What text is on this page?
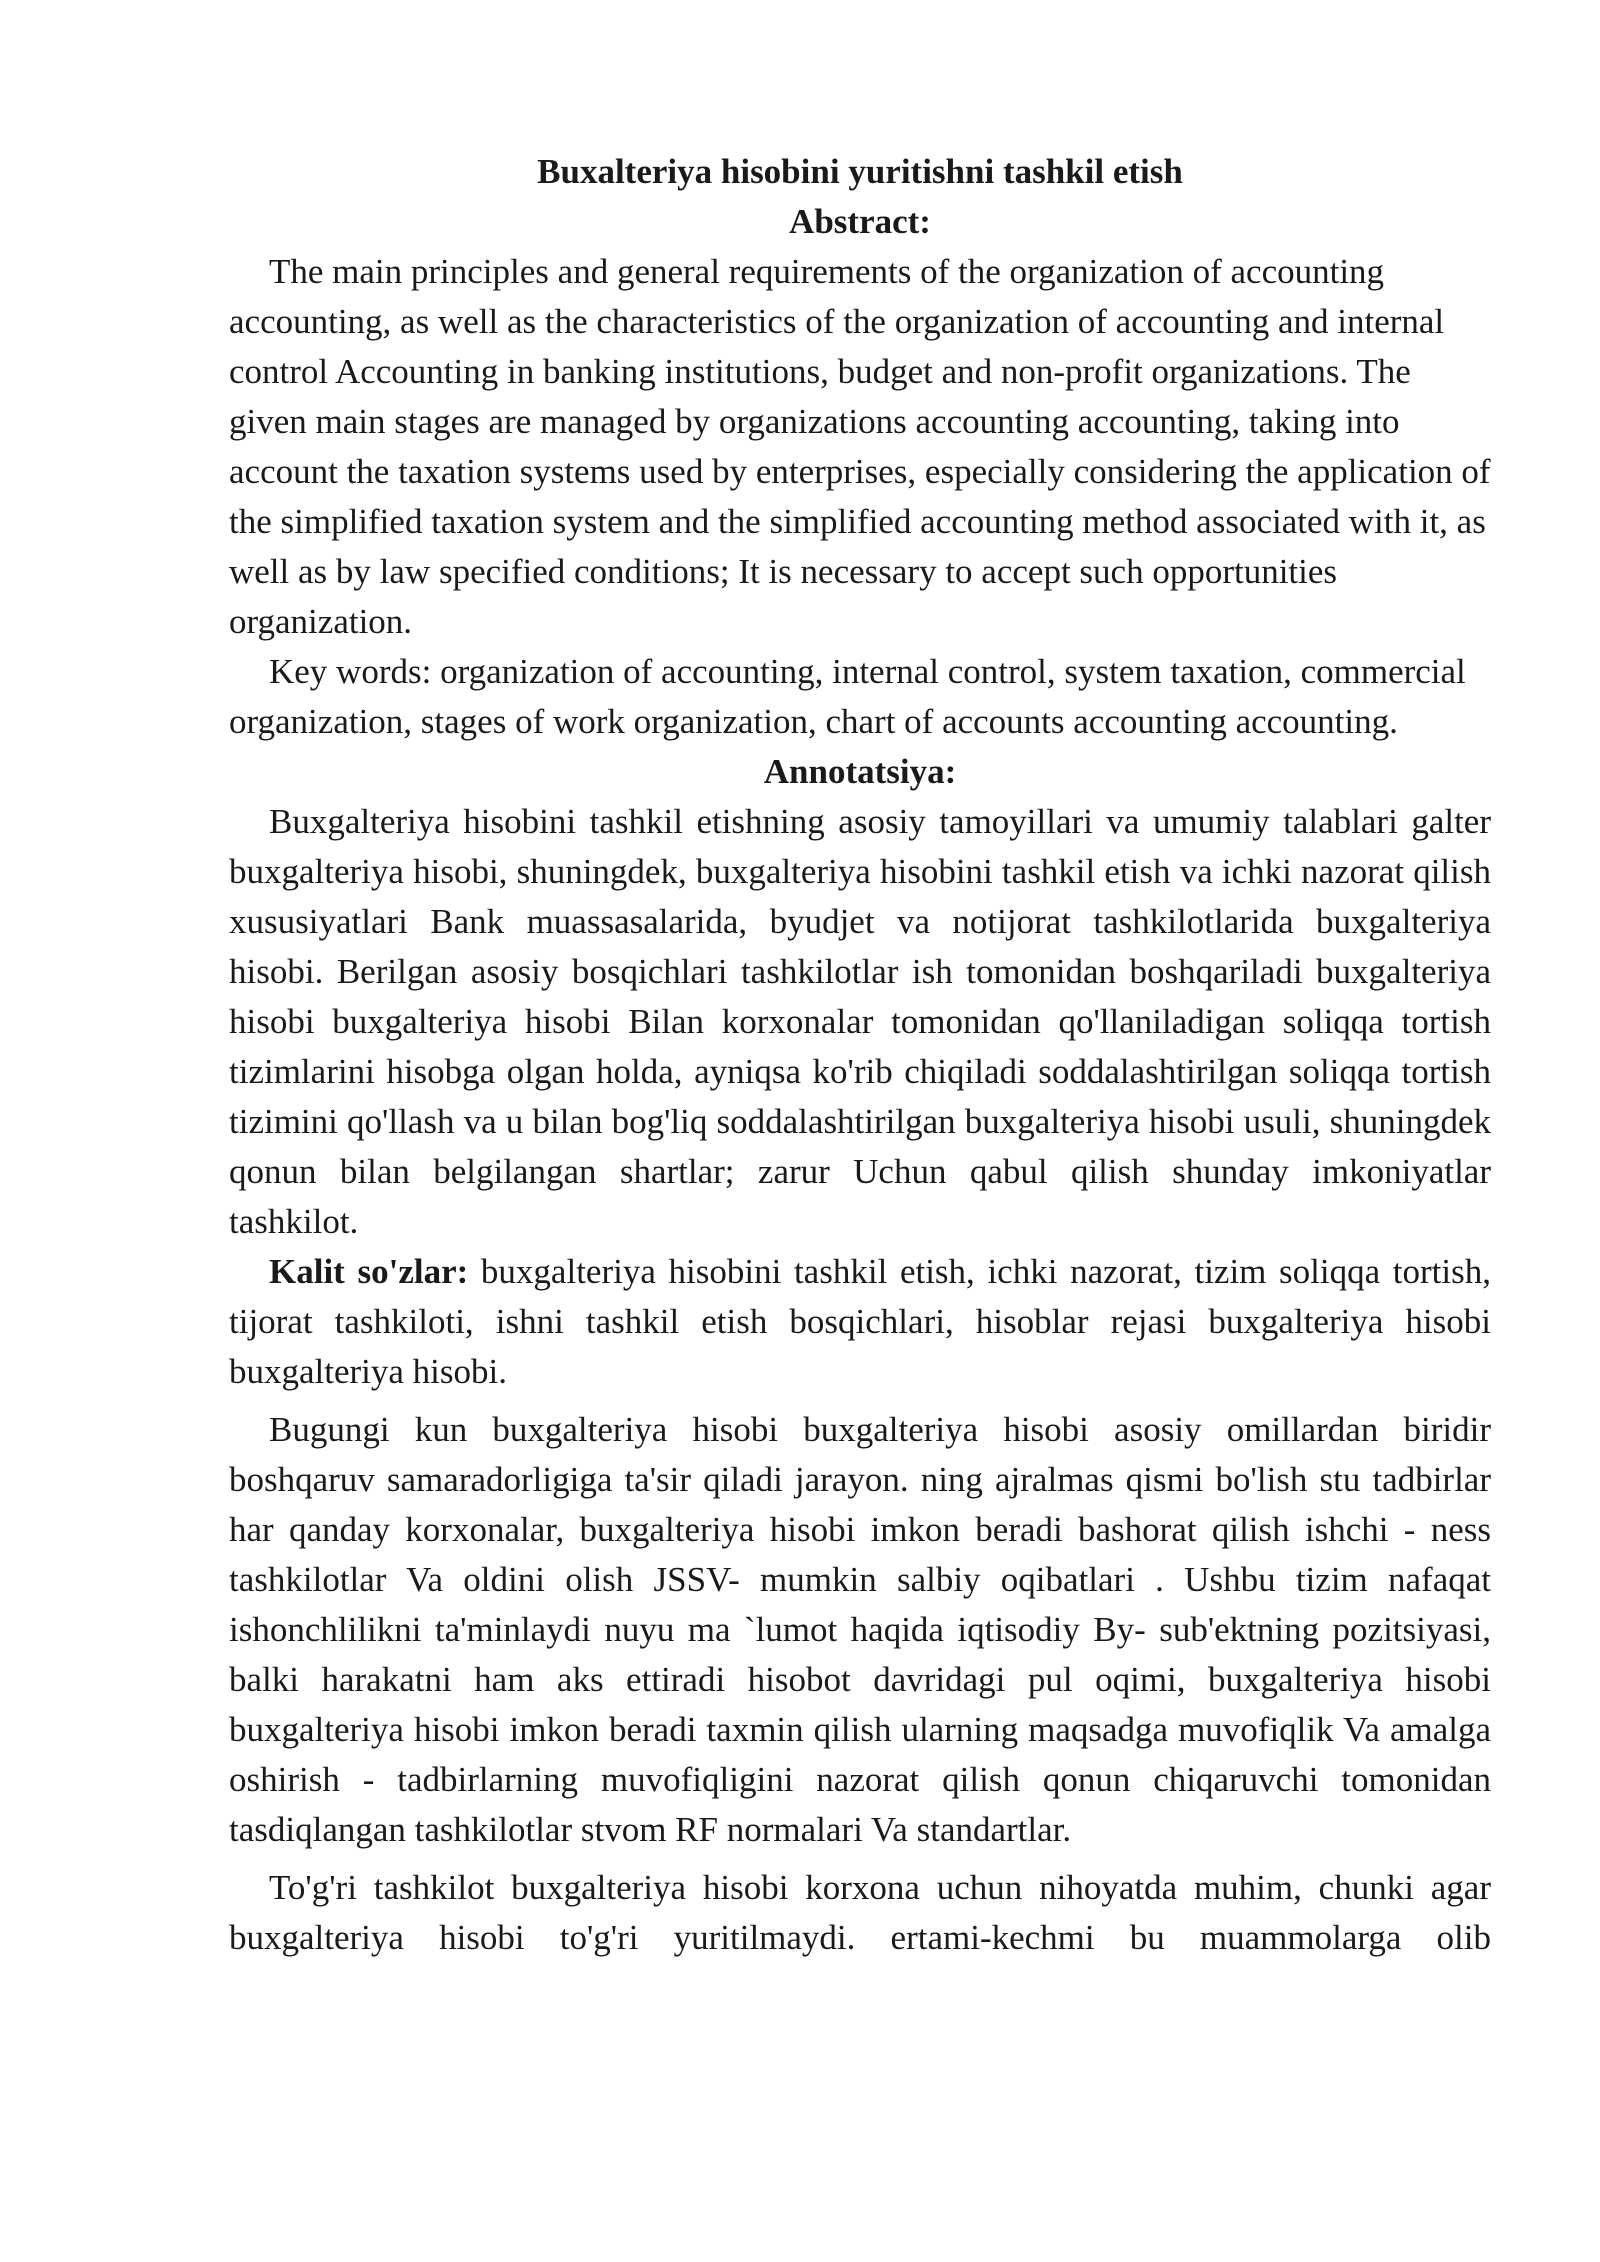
Buxalteriya hisobini yuritishni tashkil etish
Abstract:

The main principles and general requirements of the organization of accounting accounting, as well as the characteristics of the organization of accounting and internal control Accounting in banking institutions, budget and non-profit organizations. The given main stages are managed by organizations accounting accounting, taking into account the taxation systems used by enterprises, especially considering the application of the simplified taxation system and the simplified accounting method associated with it, as well as by law specified conditions; It is necessary to accept such opportunities organization.

Key words: organization of accounting, internal control, system taxation, commercial organization, stages of work organization, chart of accounts accounting accounting.

Annotatsiya:

Buxgalteriya hisobini tashkil etishning asosiy tamoyillari va umumiy talablari galter buxgalteriya hisobi, shuningdek, buxgalteriya hisobini tashkil etish va ichki nazorat qilish xususiyatlari Bank muassasalarida, byudjet va notijorat tashkilotlarida buxgalteriya hisobi. Berilgan asosiy bosqichlari tashkilotlar ish tomonidan boshqariladi buxgalteriya hisobi buxgalteriya hisobi Bilan korxonalar tomonidan qo'llaniladigan soliqqa tortish tizimlarini hisobga olgan holda, ayniqsa ko'rib chiqiladi soddalashtirilgan soliqqa tortish tizimini qo'llash va u bilan bog'liq soddalashtirilgan buxgalteriya hisobi usuli, shuningdek qonun bilan belgilangan shartlar; zarur Uchun qabul qilish shunday imkoniyatlar tashkilot.

Kalit so'zlar: buxgalteriya hisobini tashkil etish, ichki nazorat, tizim soliqqa tortish, tijorat tashkiloti, ishni tashkil etish bosqichlari, hisoblar rejasi buxgalteriya hisobi buxgalteriya hisobi.

Bugungi kun buxgalteriya hisobi buxgalteriya hisobi asosiy omillardan biridir boshqaruv samaradorligiga ta'sir qiladi jarayon. ning ajralmas qismi bo'lish stu tadbirlar har qanday korxonalar, buxgalteriya hisobi imkon beradi bashorat qilish ishchi - ness tashkilotlar Va oldini olish JSSV- mumkin salbiy oqibatlari . Ushbu tizim nafaqat ishonchlilikni ta'minlaydi nuyu ma `lumot haqida iqtisodiy By- sub'ektning pozitsiyasi, balki harakatni ham aks ettiradi hisobot davridagi pul oqimi, buxgalteriya hisobi buxgalteriya hisobi imkon beradi taxmin qilish ularning maqsadga muvofiqlik Va amalga oshirish - tadbirlarning muvofiqligini nazorat qilish qonun chiqaruvchi tomonidan tasdiqlangan tashkilotlar stvom RF normalari Va standartlar.

To'g'ri tashkilot buxgalteriya hisobi korxona uchun nihoyatda muhim, chunki agar buxgalteriya hisobi to'g'ri yuritilmaydi. ertami-kechmi bu muammolarga olib
